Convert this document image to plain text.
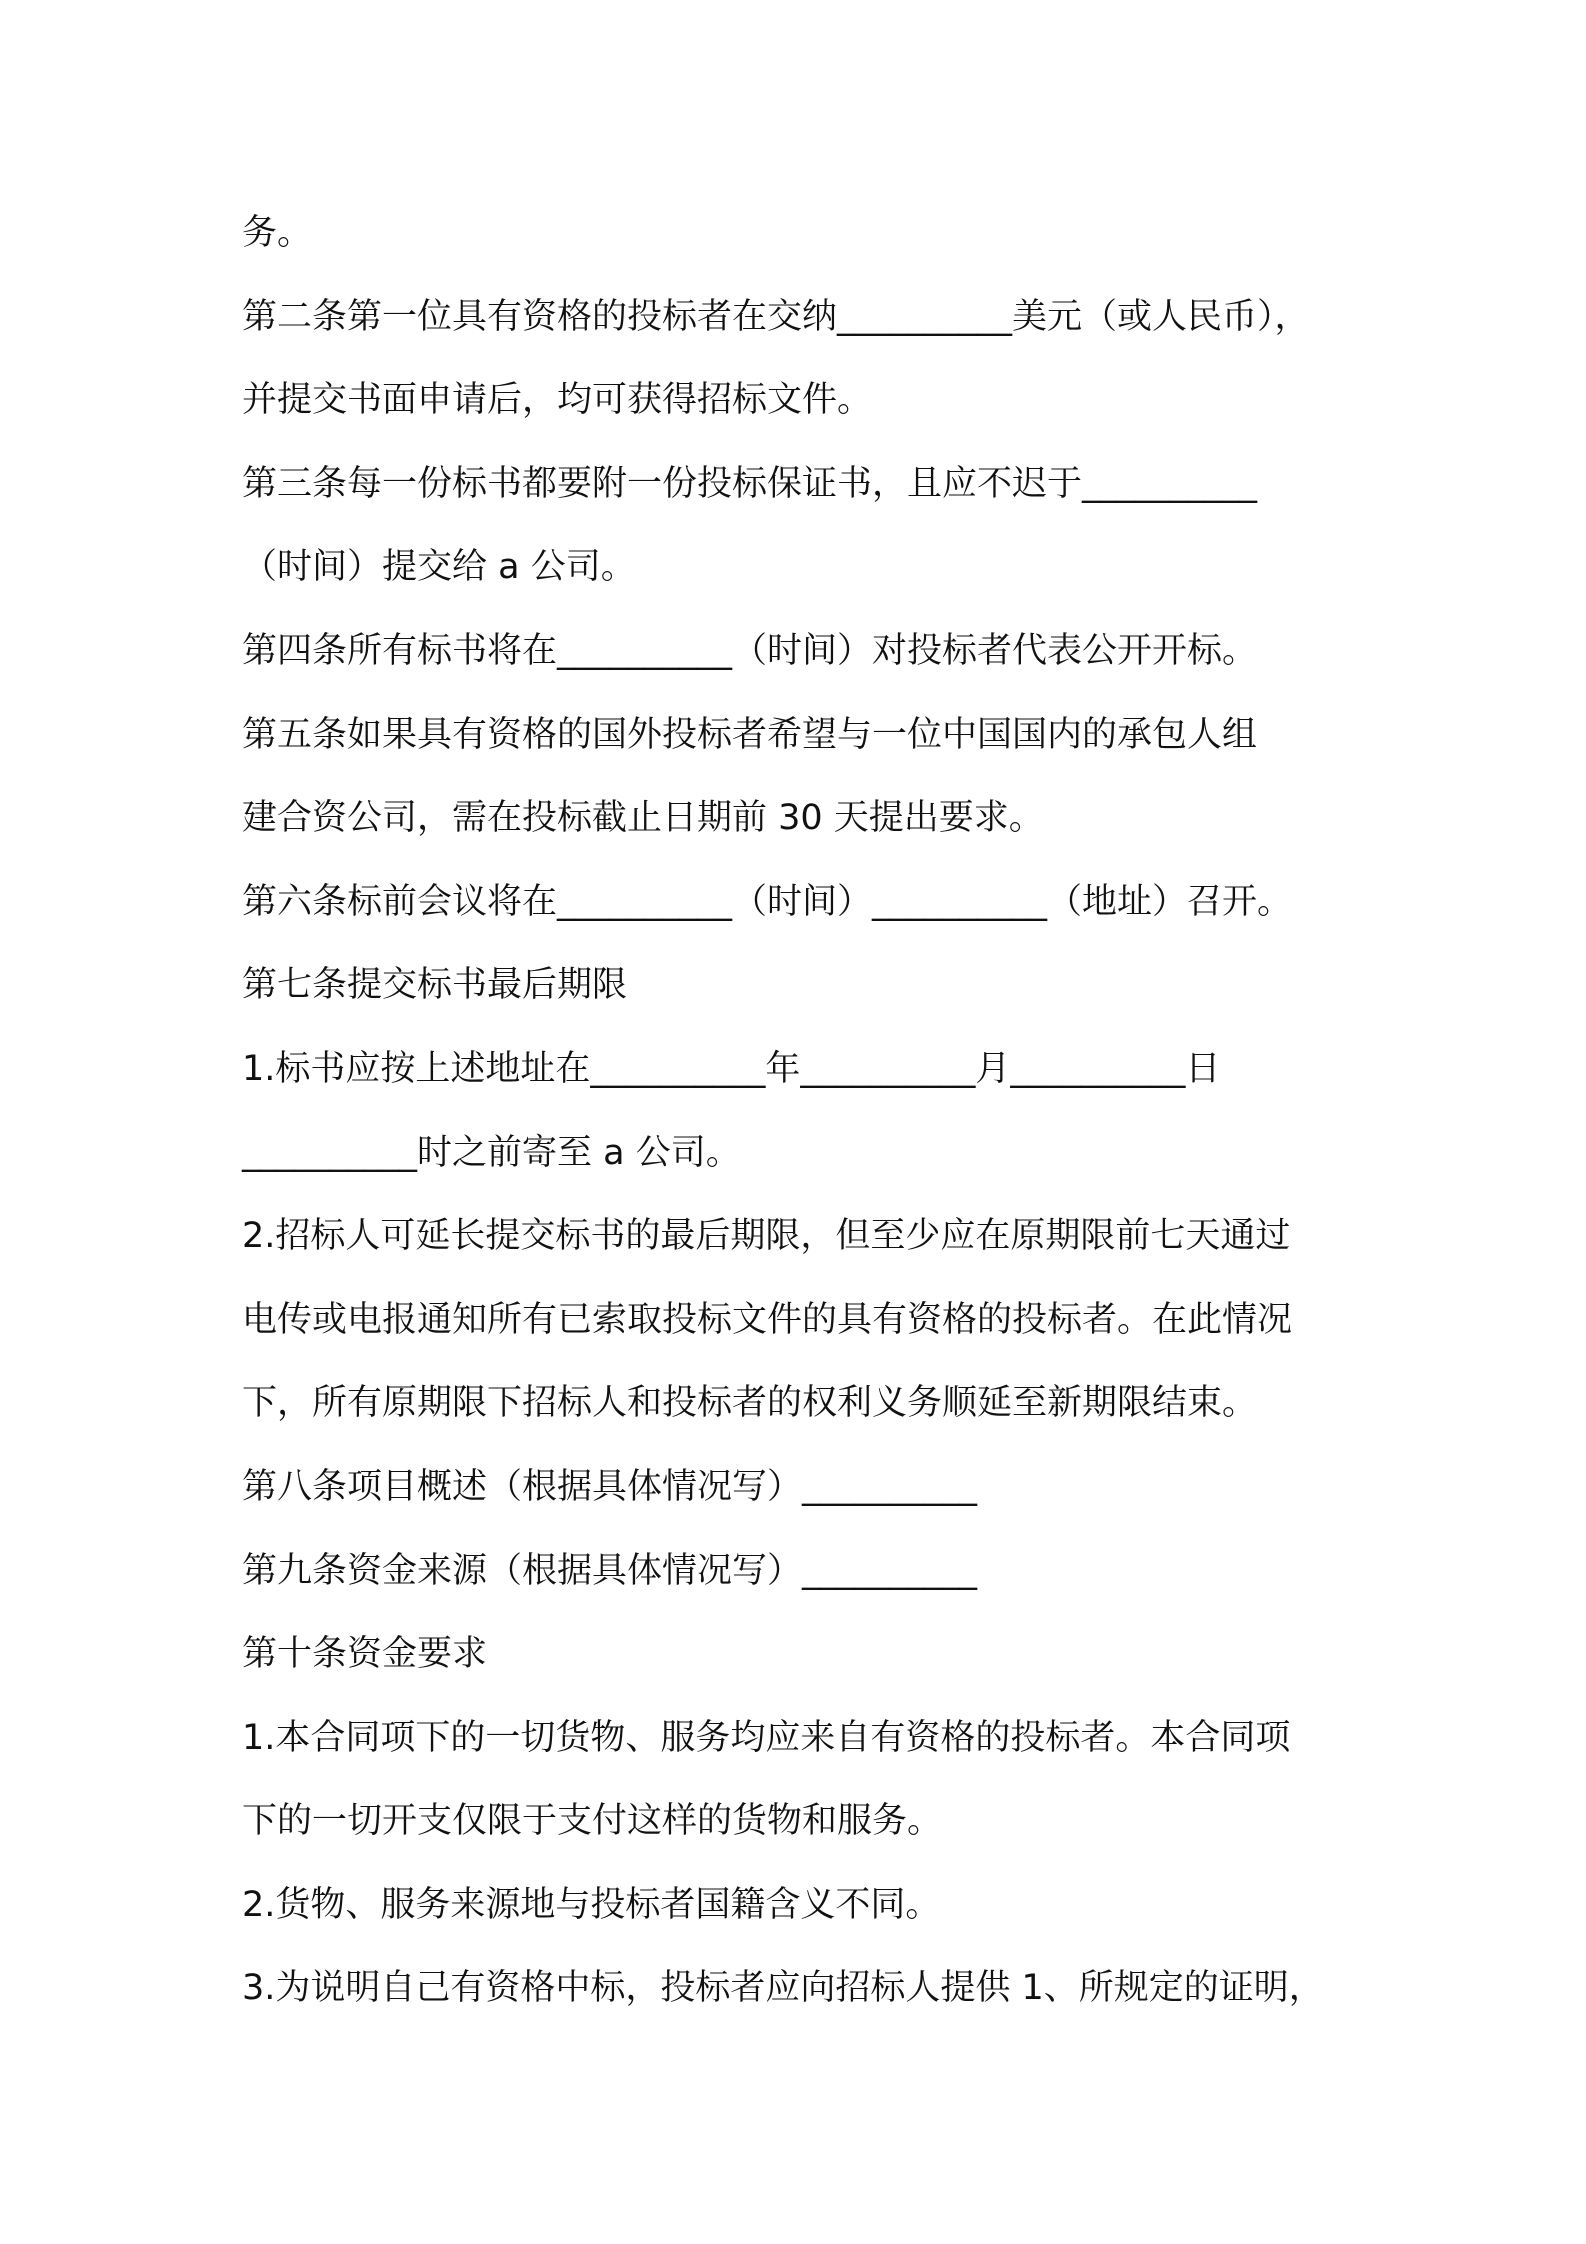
务。

第二条第一位具有资格的投标者在交纳__________美元（或人民币），

并提交书面申请后，均可获得招标文件。

第三条每一份标书都要附一份投标保证书，且应不迟于__________

（时间）提交给 a 公司。

第四条所有标书将在__________（时间）对投标者代表公开开标。

第五条如果具有资格的国外投标者希望与一位中国国内的承包人组

建合资公司，需在投标截止日期前 30 天提出要求。

第六条标前会议将在__________（时间）__________（地址）召开。

第七条提交标书最后期限

1.标书应按上述地址在__________年__________月__________日

__________时之前寄至 a 公司。

2.招标人可延长提交标书的最后期限，但至少应在原期限前七天通过

电传或电报通知所有已索取投标文件的具有资格的投标者。在此情况

下，所有原期限下招标人和投标者的权利义务顺延至新期限结束。

第八条项目概述（根据具体情况写）__________

第九条资金来源（根据具体情况写）__________

第十条资金要求

1.本合同项下的一切货物、服务均应来自有资格的投标者。本合同项

下的一切开支仅限于支付这样的货物和服务。

2.货物、服务来源地与投标者国籍含义不同。

3.为说明自己有资格中标，投标者应向招标人提供 1、所规定的证明，
